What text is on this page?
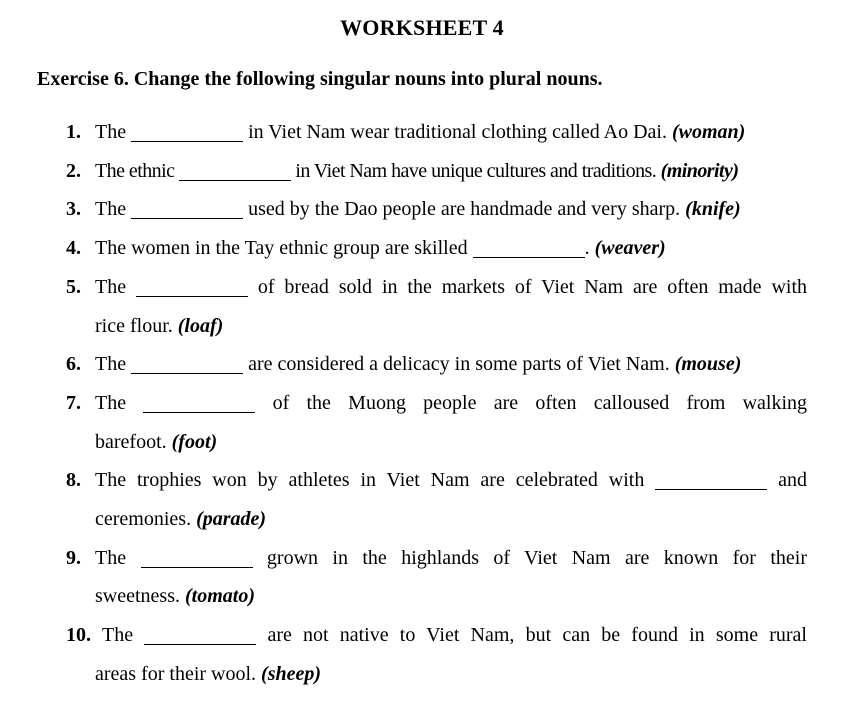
WORKSHEET 4
Exercise 6. Change the following singular nouns into plural nouns.
1. The	in Viet Nam wear traditional clothing called Ao Dai. (woman)
2. The ethnic	in Viet Nam have unique cultures and traditions. (minority)
3. The	used by the Dao people are handmade and very sharp. (knife)
4. The women in the Tay ethnic group are skilled	. (weaver)
5. The	of bread sold in the markets of Viet Nam are often made with
rice flour. (loaf)
6. The	are considered a delicacy in some parts of Viet Nam. (mouse)
7. The	of the Muong people are often calloused from walking
barefoot. (foot)
8. The trophies won by athletes in Viet Nam are celebrated with	and
ceremonies. (parade)
9. The	grown in the highlands of Viet Nam are known for their
sweetness. (tomato)
10. The	are not native to Viet Nam, but can be found in some rural
areas for their wool. (sheep)
